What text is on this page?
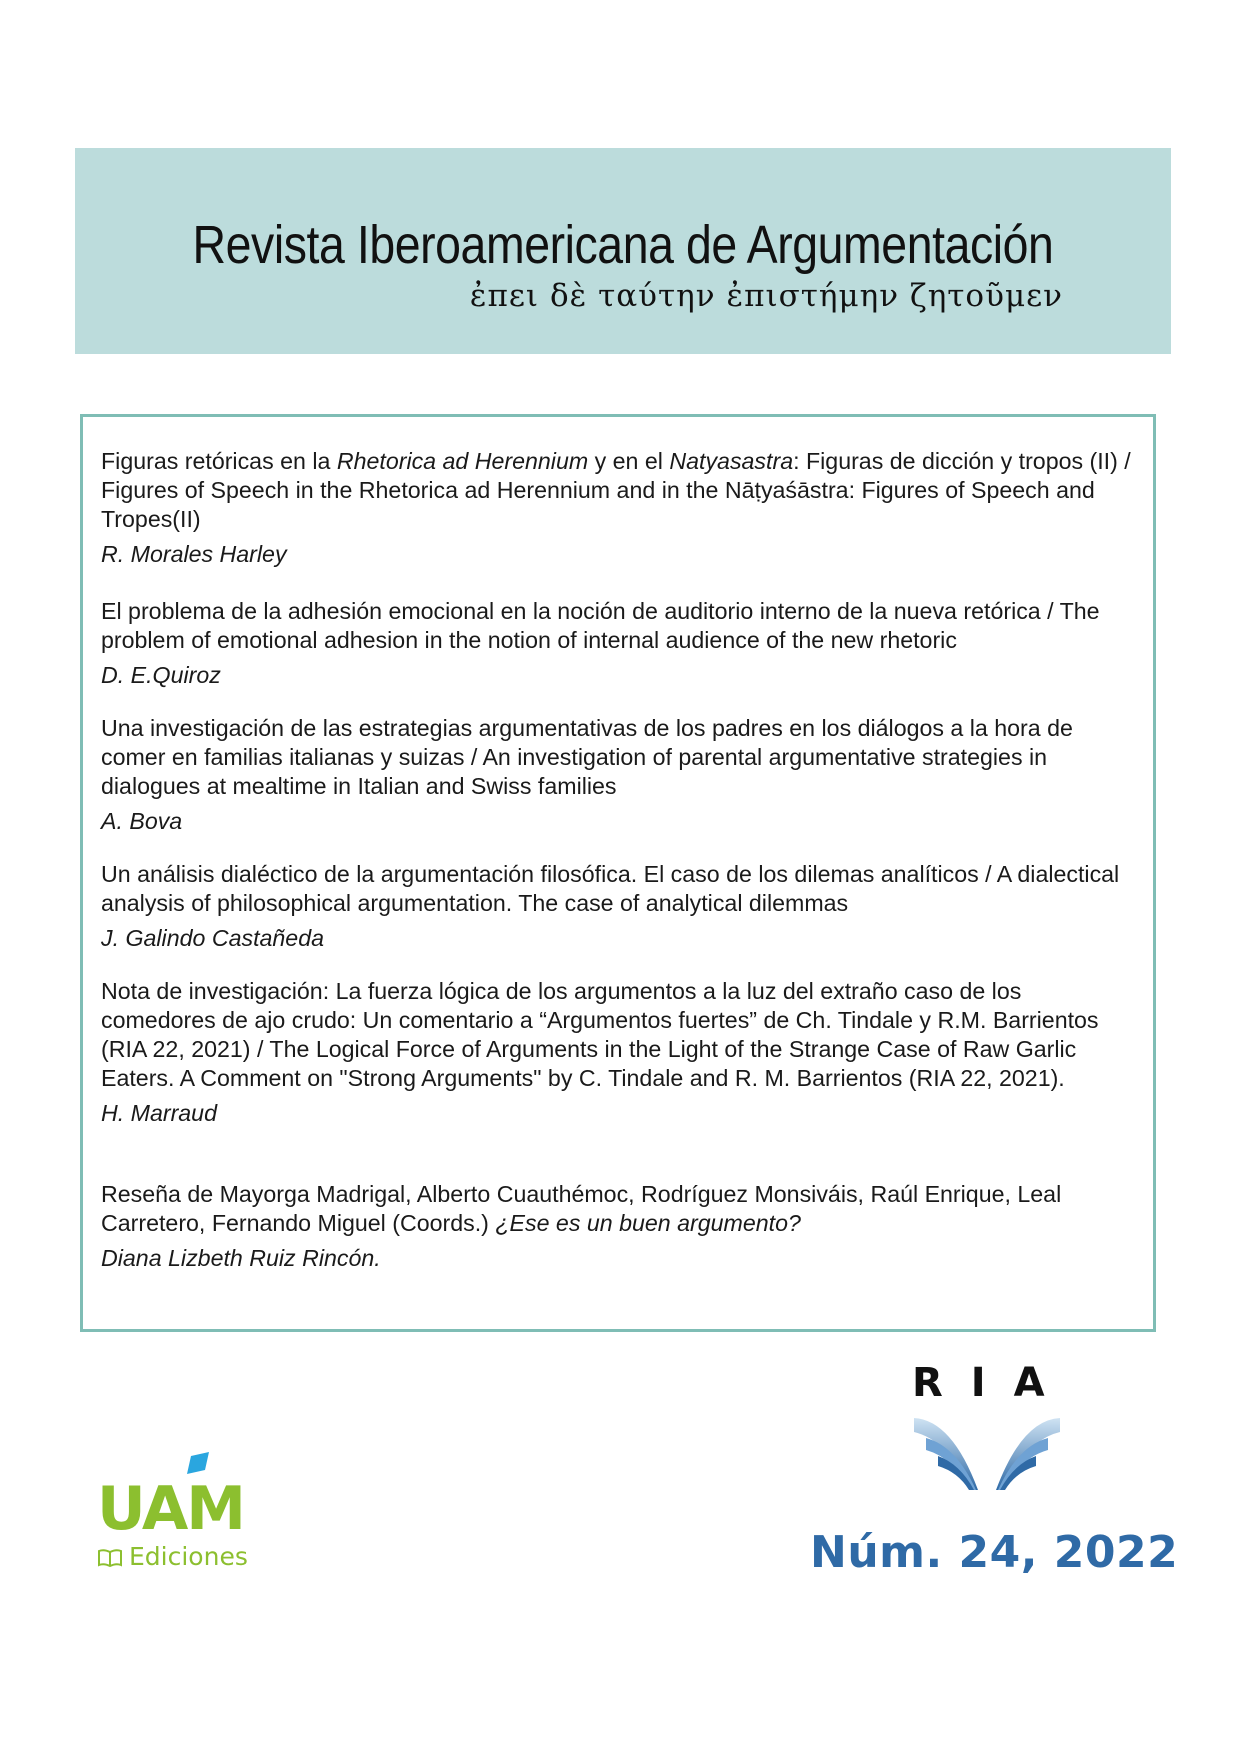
Revista Iberoamericana de Argumentación
ἐπει δὲ ταύτην ἐπιστήμην ζητοῦμεν

Figuras retóricas en la Rhetorica ad Herennium y en el Natyasastra: Figuras de dicción y tropos (II) / Figures of Speech in the Rhetorica ad Herennium and in the Nāṭyaśāstra: Figures of Speech and Tropes(II)

R. Morales Harley

El problema de la adhesión emocional en la noción de auditorio interno de la nueva retórica / The problem of emotional adhesion in the notion of internal audience of the new rhetoric

D. E.Quiroz

Una investigación de las estrategias argumentativas de los padres en los diálogos a la hora de comer en familias italianas y suizas / An investigation of parental argumentative strategies in dialogues at mealtime in Italian and Swiss families

A. Bova

Un análisis dialéctico de la argumentación filosófica. El caso de los dilemas analíticos / A dialectical analysis of philosophical argumentation. The case of analytical dilemmas

J. Galindo Castañeda

Nota de investigación: La fuerza lógica de los argumentos a la luz del extraño caso de los comedores de ajo crudo: Un comentario a “Argumentos fuertes” de Ch. Tindale y R.M. Barrientos (RIA 22, 2021) / The Logical Force of Arguments in the Light of the Strange Case of Raw Garlic Eaters. A Comment on "Strong Arguments" by C. Tindale and R. M. Barrientos (RIA 22, 2021).

H. Marraud

Reseña de Mayorga Madrigal, Alberto Cuauthémoc, Rodríguez Monsiváis, Raúl Enrique, Leal Carretero, Fernando Miguel (Coords.) ¿Ese es un buen argumento?

Diana Lizbeth Ruiz Rincón.
RIA
Núm. 24, 2022
UAM
Ediciones
